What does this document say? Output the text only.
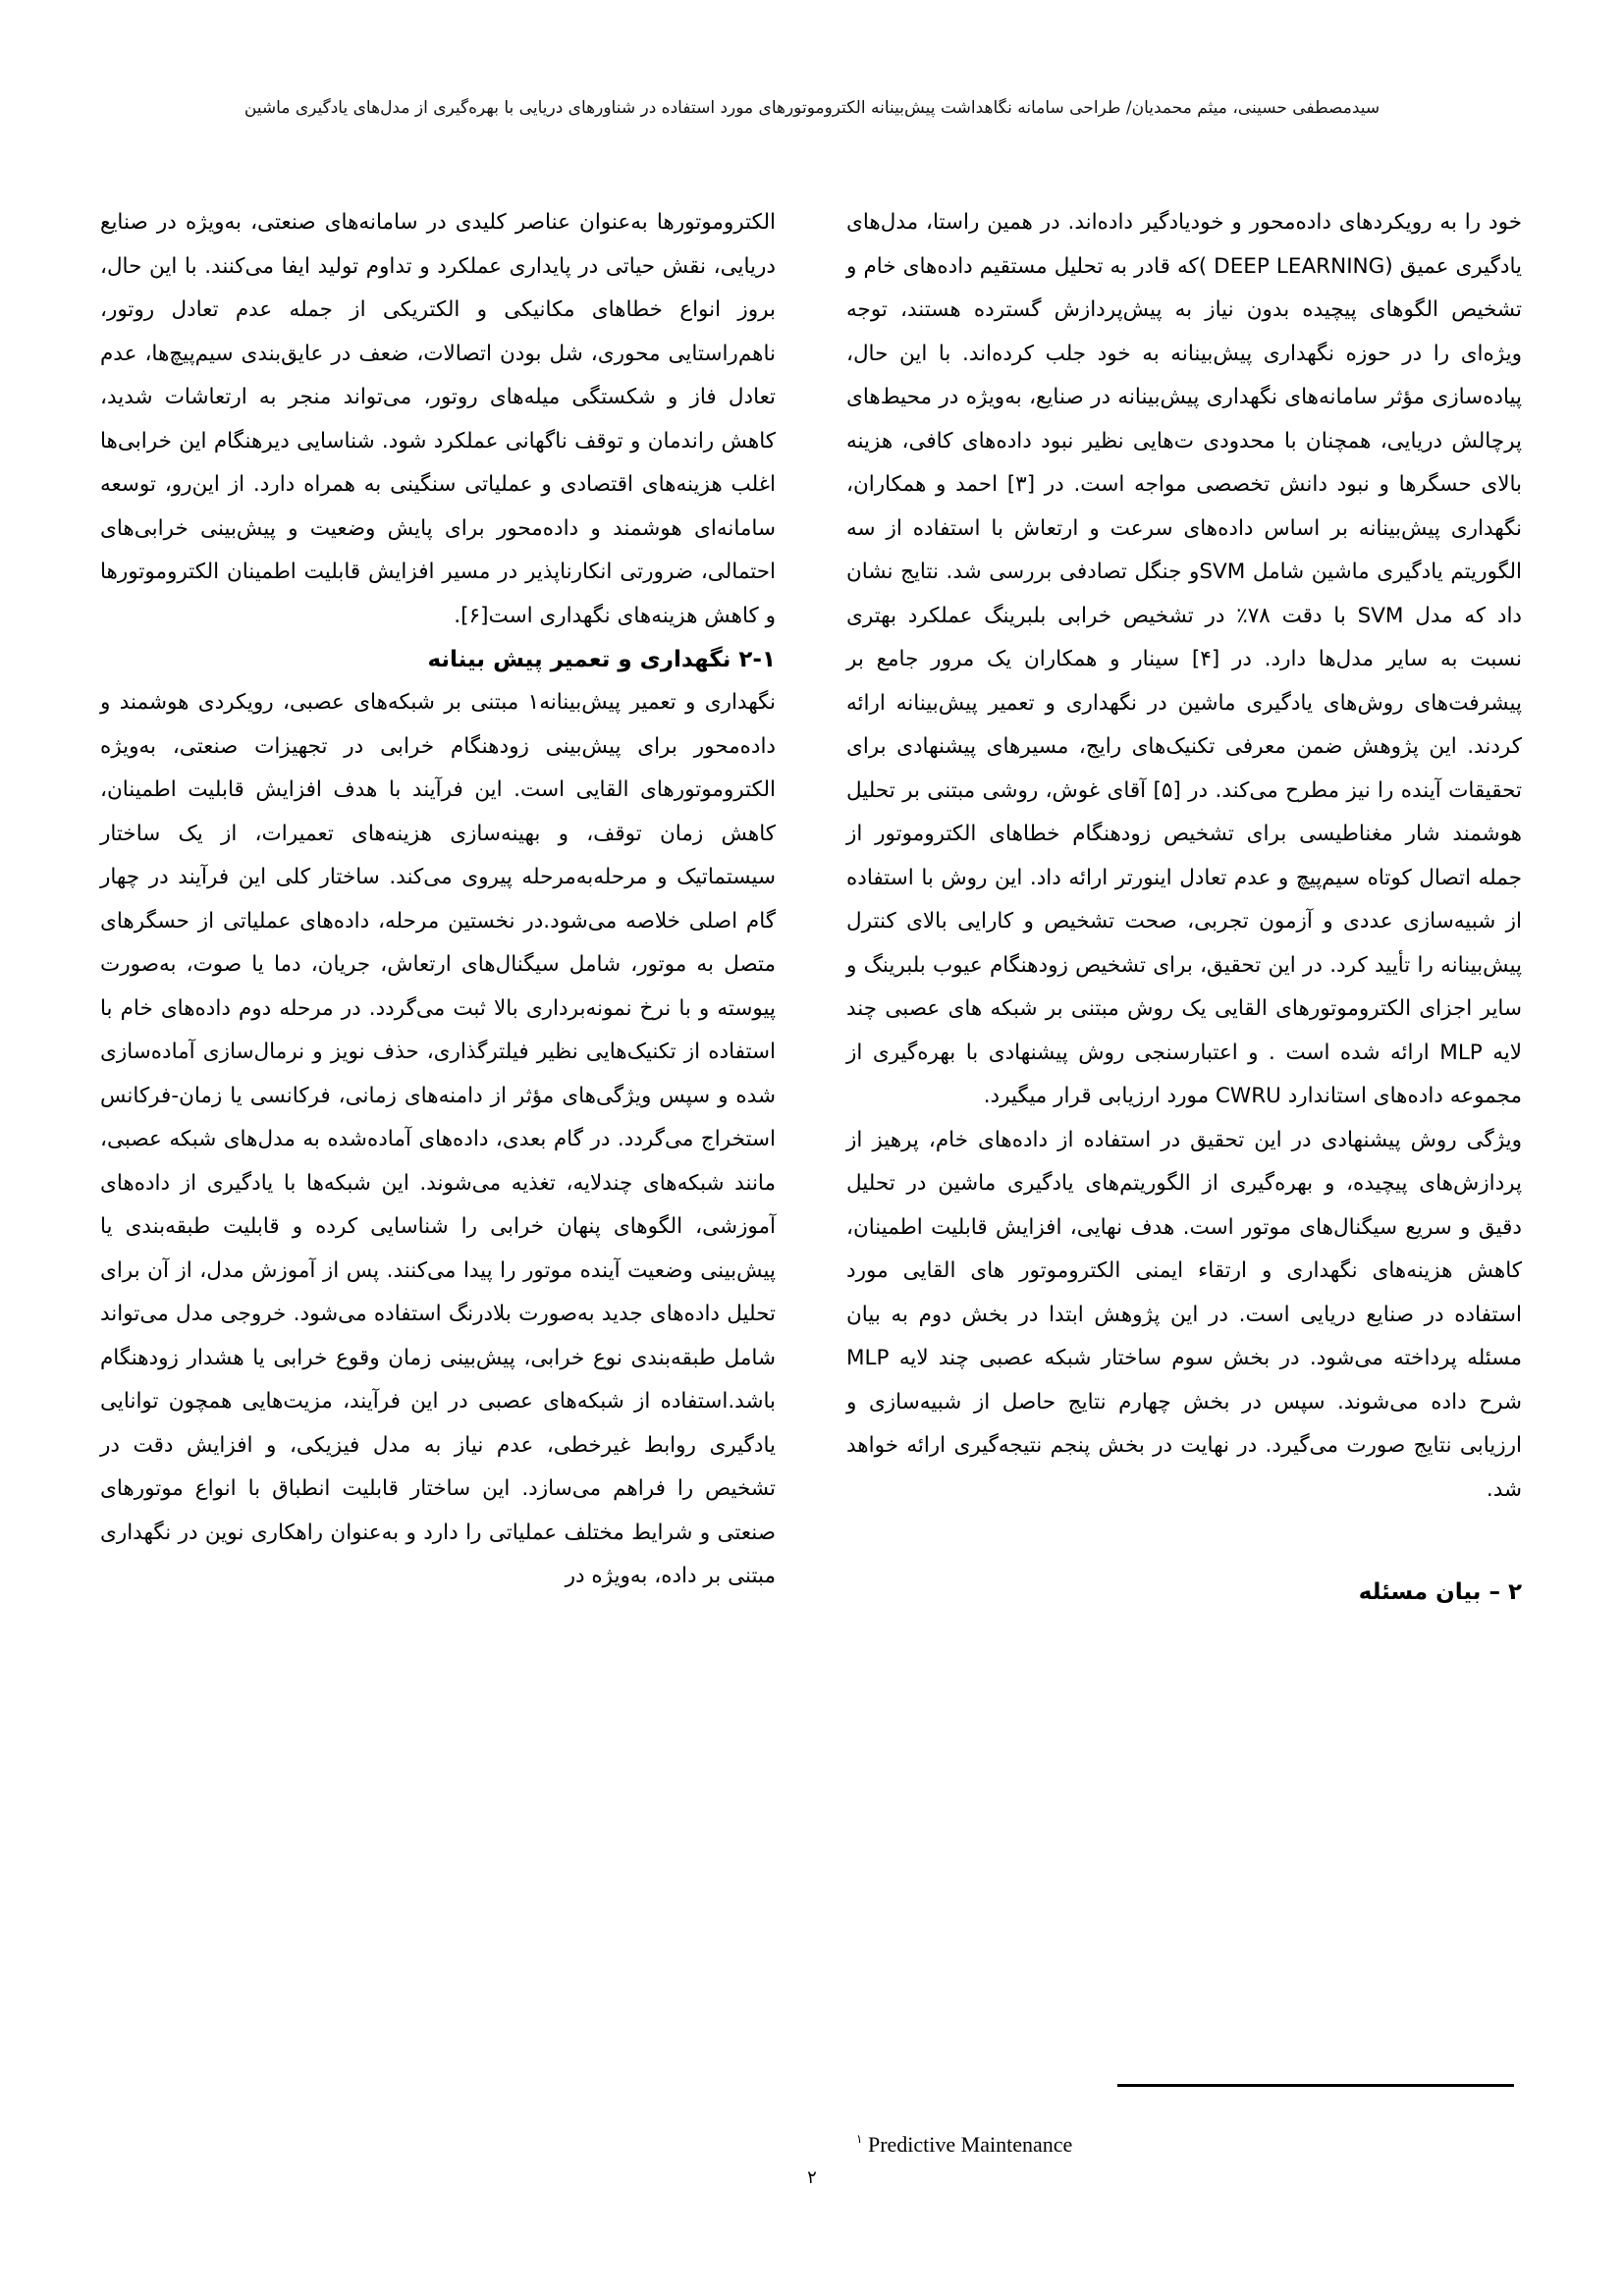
سیدمصطفی حسینی، میثم محمدیان/ طراحی سامانه نگاهداشت پیش‌بینانه الکتروموتورهای مورد استفاده در شناورهای دریایی با بهره‌گیری از مدل‌های یادگیری ماشین

خود را به رویکردهای داده‌محور و خودیادگیر داده‌اند. در همین راستا، مدل‌های یادگیری عمیق (DEEP LEARNING )که قادر به تحلیل مستقیم داده‌های خام و تشخیص الگوهای پیچیده بدون نیاز به پیش‌پردازش گسترده هستند، توجه ویژه‌ای را در حوزه نگهداری پیش‌بینانه به خود جلب کرده‌اند. با این حال، پیاده‌سازی مؤثر سامانه‌های نگهداری پیش‌بینانه در صنایع، به‌ویژه در محیط‌های پرچالش دریایی، همچنان با محدودی ت‌هایی نظیر نبود داده‌های کافی، هزینه بالای حسگرها و نبود دانش تخصصی مواجه است. در [۳] احمد و همکاران، نگهداری پیش‌بینانه بر اساس داده‌های سرعت و ارتعاش با استفاده از سه الگوریتم یادگیری ماشین شامل SVMو جنگل تصادفی بررسی شد. نتایج نشان داد که مدل SVM با دقت ۷۸٪ در تشخیص خرابی بلبرینگ عملکرد بهتری نسبت به سایر مدل‌ها دارد. در [۴] سینار و همکاران یک مرور جامع بر پیشرفت‌های روش‌های یادگیری ماشین در نگهداری و تعمیر پیش‌بینانه ارائه کردند. این پژوهش ضمن معرفی تکنیک‌های رایج، مسیرهای پیشنهادی برای تحقیقات آینده را نیز مطرح می‌کند. در [۵] آقای غوش، روشی مبتنی بر تحلیل هوشمند شار مغناطیسی برای تشخیص زودهنگام خطاهای الکتروموتور از جمله اتصال کوتاه سیم‌پیچ و عدم تعادل اینورتر ارائه داد. این روش با استفاده از شبیه‌سازی عددی و آزمون تجربی، صحت تشخیص و کارایی بالای کنترل پیش‌بینانه را تأیید کرد. در این تحقیق، برای تشخیص زودهنگام عیوب بلبرینگ و سایر اجزای الکتروموتورهای القایی یک روش مبتنی بر شبکه های عصبی چند لایه MLP ارائه شده است . و اعتبارسنجی روش پیشنهادی با بهره‌گیری از مجموعه داده‌های استاندارد CWRU مورد ارزیابی قرار میگیرد.

ویژگی روش پیشنهادی در این تحقیق در استفاده از داده‌های خام، پرهیز از پردازش‌های پیچیده، و بهره‌گیری از الگوریتم‌های یادگیری ماشین در تحلیل دقیق و سریع سیگنال‌های موتور است. هدف نهایی، افزایش قابلیت اطمینان، کاهش هزینه‌های نگهداری و ارتقاء ایمنی الکتروموتور های القایی مورد استفاده در صنایع دریایی است. در این پژوهش ابتدا در بخش دوم به بیان مسئله پرداخته می‌شود. در بخش سوم ساختار شبکه عصبی چند لایه MLP شرح داده می‌شوند. سپس در بخش چهارم نتایج حاصل از شبیه‌سازی و ارزیابی نتایج صورت می‌گیرد. در نهایت در بخش پنجم نتیجه‌گیری ارائه خواهد شد.

۲ – بیان مسئله

الکتروموتورها به‌عنوان عناصر کلیدی در سامانه‌های صنعتی، به‌ویژه در صنایع دریایی، نقش حیاتی در پایداری عملکرد و تداوم تولید ایفا می‌کنند. با این حال، بروز انواع خطاهای مکانیکی و الکتریکی از جمله عدم تعادل روتور، ناهم‌راستایی محوری، شل بودن اتصالات، ضعف در عایق‌بندی سیم‌پیچ‌ها، عدم تعادل فاز و شکستگی میله‌های روتور، می‌تواند منجر به ارتعاشات شدید، کاهش راندمان و توقف ناگهانی عملکرد شود. شناسایی دیرهنگام این خرابی‌ها اغلب هزینه‌های اقتصادی و عملیاتی سنگینی به همراه دارد. از این‌رو، توسعه سامانه‌ای هوشمند و داده‌محور برای پایش وضعیت و پیش‌بینی خرابی‌های احتمالی، ضرورتی انکارناپذیر در مسیر افزایش قابلیت اطمینان الکتروموتورها و کاهش هزینه‌های نگهداری است[۶].

۲-۱ نگهداری و تعمیر پیش بینانه

نگهداری و تعمیر پیش‌بینانه۱ مبتنی بر شبکه‌های عصبی، رویکردی هوشمند و داده‌محور برای پیش‌بینی زودهنگام خرابی در تجهیزات صنعتی، به‌ویژه الکتروموتورهای القایی است. این فرآیند با هدف افزایش قابلیت اطمینان، کاهش زمان توقف، و بهینه‌سازی هزینه‌های تعمیرات، از یک ساختار سیستماتیک و مرحله‌به‌مرحله پیروی می‌کند. ساختار کلی این فرآیند در چهار گام اصلی خلاصه می‌شود.در نخستین مرحله، داده‌های عملیاتی از حسگرهای متصل به موتور، شامل سیگنال‌های ارتعاش، جریان، دما یا صوت، به‌صورت پیوسته و با نرخ نمونه‌برداری بالا ثبت می‌گردد. در مرحله دوم داده‌های خام با استفاده از تکنیک‌هایی نظیر فیلترگذاری، حذف نویز و نرمال‌سازی آماده‌سازی شده و سپس ویژگی‌های مؤثر از دامنه‌های زمانی، فرکانسی یا زمان-فرکانس استخراج می‌گردد. در گام بعدی، داده‌های آماده‌شده به مدل‌های شبکه عصبی، مانند شبکه‌های چندلایه، تغذیه می‌شوند. این شبکه‌ها با یادگیری از داده‌های آموزشی، الگوهای پنهان خرابی را شناسایی کرده و قابلیت طبقه‌بندی یا پیش‌بینی وضعیت آینده موتور را پیدا می‌کنند. پس از آموزش مدل، از آن برای تحلیل داده‌های جدید به‌صورت بلادرنگ استفاده می‌شود. خروجی مدل می‌تواند شامل طبقه‌بندی نوع خرابی، پیش‌بینی زمان وقوع خرابی یا هشدار زودهنگام باشد.استفاده از شبکه‌های عصبی در این فرآیند، مزیت‌هایی همچون توانایی یادگیری روابط غیرخطی، عدم نیاز به مدل فیزیکی، و افزایش دقت در تشخیص را فراهم می‌سازد. این ساختار قابلیت انطباق با انواع موتورهای صنعتی و شرایط مختلف عملیاتی را دارد و به‌عنوان راهکاری نوین در نگهداری مبتنی بر داده، به‌ویژه در

$^۱$ Predictive Maintenance
۲
